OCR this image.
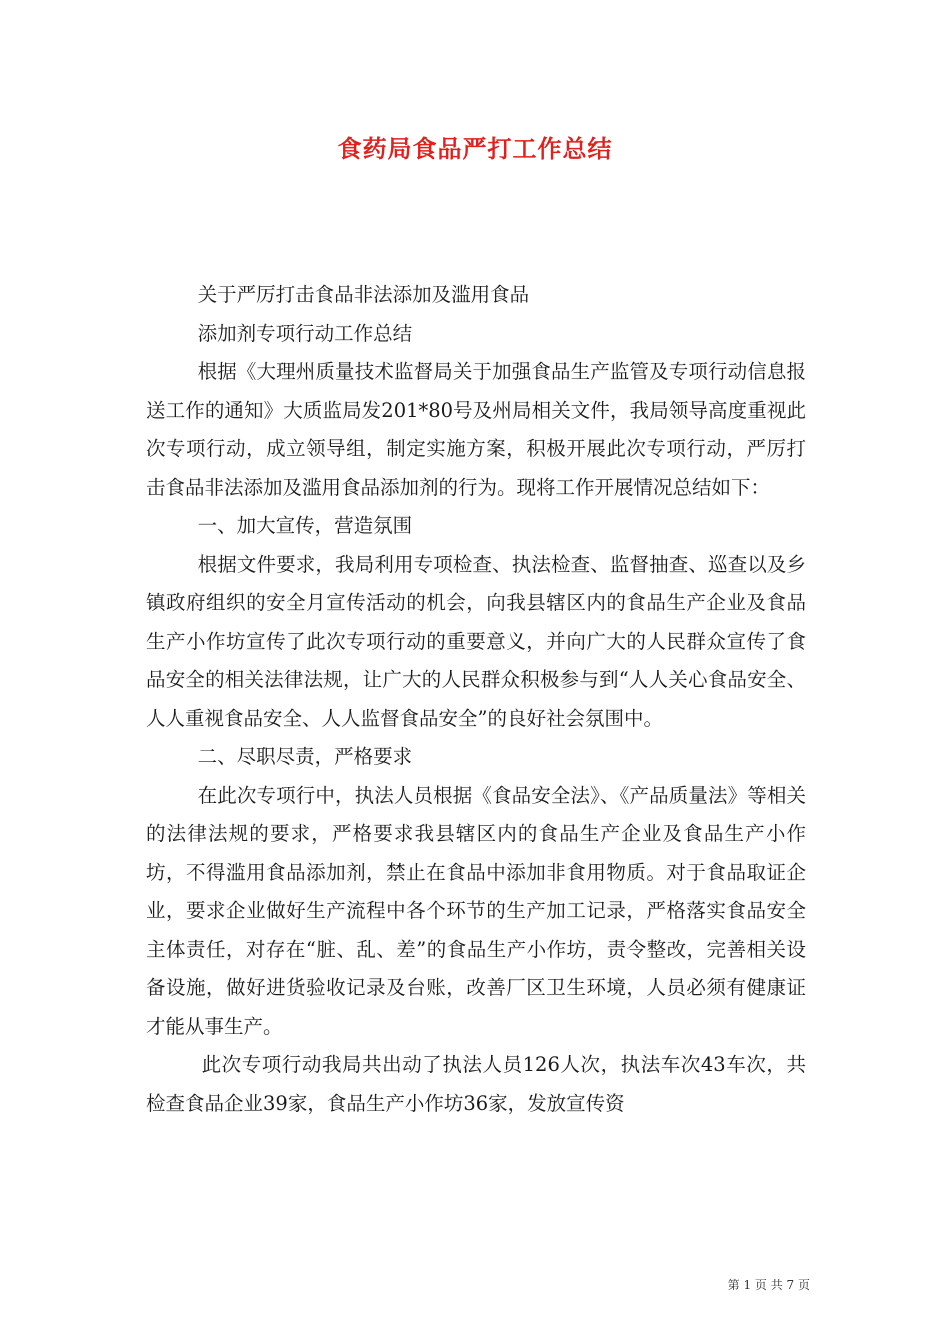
食药局食品严打工作总结

关于严厉打击食品非法添加及滥用食品

添加剂专项行动工作总结

根据《大理州质量技术监督局关于加强食品生产监管及专项行动信息报送工作的通知》大质监局发201*80号及州局相关文件，我局领导高度重视此次专项行动，成立领导组，制定实施方案，积极开展此次专项行动，严厉打击食品非法添加及滥用食品添加剂的行为。现将工作开展情况总结如下：

一、加大宣传，营造氛围

根据文件要求，我局利用专项检查、执法检查、监督抽查、巡查以及乡镇政府组织的安全月宣传活动的机会，向我县辖区内的食品生产企业及食品生产小作坊宣传了此次专项行动的重要意义，并向广大的人民群众宣传了食品安全的相关法律法规，让广大的人民群众积极参与到“人人关心食品安全、人人重视食品安全、人人监督食品安全”的良好社会氛围中。

二、尽职尽责，严格要求

在此次专项行中，执法人员根据《食品安全法》、《产品质量法》等相关的法律法规的要求，严格要求我县辖区内的食品生产企业及食品生产小作坊，不得滥用食品添加剂，禁止在食品中添加非食用物质。对于食品取证企业，要求企业做好生产流程中各个环节的生产加工记录，严格落实食品安全主体责任，对存在“脏、乱、差”的食品生产小作坊，责令整改，完善相关设备设施，做好进货验收记录及台账，改善厂区卫生环境，人员必须有健康证才能从事生产。

此次专项行动我局共出动了执法人员126人次，执法车次43车次，共检查食品企业39家，食品生产小作坊36家，发放宣传资

第 1 页 共 7 页
